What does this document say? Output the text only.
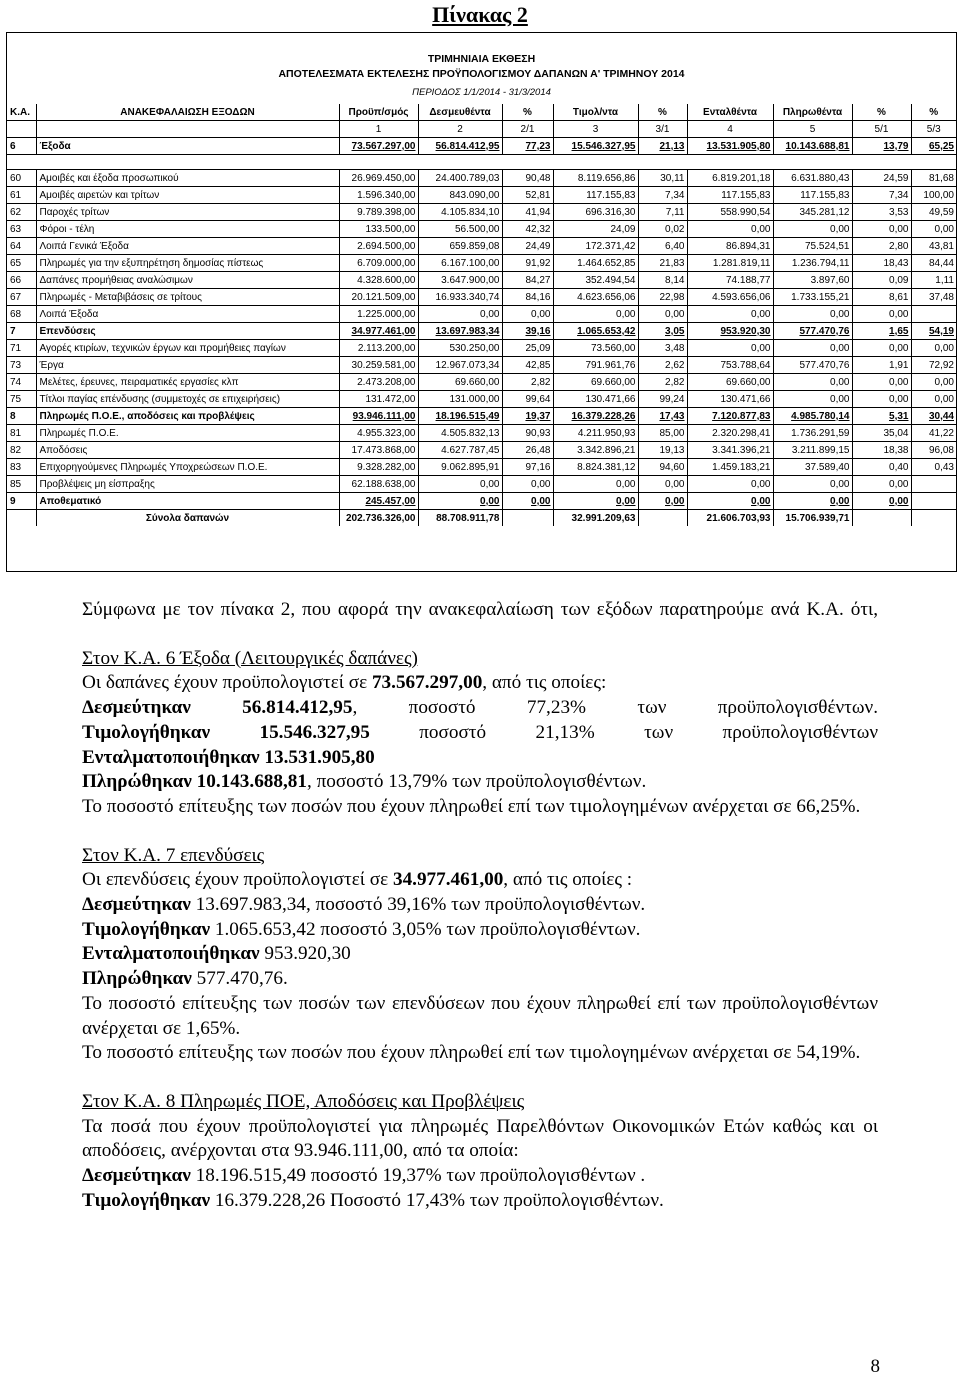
Πίνακας 2
ΤΡΙΜΗΝΙΑΙΑ ΕΚΘΕΣΗ
ΑΠΟΤΕΛΕΣΜΑΤΑ ΕΚΤΕΛΕΣΗΣ ΠΡΟΫΠΟΛΟΓΙΣΜΟΥ ΔΑΠΑΝΩΝ Α' ΤΡΙΜΗΝΟΥ 2014
ΠΕΡΙΟΔΟΣ 1/1/2014 - 31/3/2014
Κ.Α.	ΑΝΑΚΕΦΑΛΑΙΩΣΗ ΕΞΟΔΩΝ	Προϋπ/σμός	Δεσμευθέντα	%	Τιμολ/ντα	%	Ενταλθέντα	Πληρωθέντα	%	%
		1	2	2/1	3	3/1	4	5	5/1	5/3
6	Έξοδα	73.567.297,00	56.814.412,95	77,23	15.546.327,95	21,13	13.531.905,80	10.143.688,81	13,79	65,25

60	Αμοιβές και έξοδα προσωπικού	26.969.450,00	24.400.789,03	90,48	8.119.656,86	30,11	6.819.201,18	6.631.880,43	24,59	81,68
61	Αμοιβές αιρετών και τρίτων	1.596.340,00	843.090,00	52,81	117.155,83	7,34	117.155,83	117.155,83	7,34	100,00
62	Παροχές τρίτων	9.789.398,00	4.105.834,10	41,94	696.316,30	7,11	558.990,54	345.281,12	3,53	49,59
63	Φόροι - τέλη	133.500,00	56.500,00	42,32	24,09	0,02	0,00	0,00	0,00	0,00
64	Λοιπά Γενικά Έξοδα	2.694.500,00	659.859,08	24,49	172.371,42	6,40	86.894,31	75.524,51	2,80	43,81
65	Πληρωμές για την εξυπηρέτηση δημοσίας πίστεως	6.709.000,00	6.167.100,00	91,92	1.464.652,85	21,83	1.281.819,11	1.236.794,11	18,43	84,44
66	Δαπάνες προμήθειας αναλώσιμων	4.328.600,00	3.647.900,00	84,27	352.494,54	8,14	74.188,77	3.897,60	0,09	1,11
67	Πληρωμές - Μεταβιβάσεις σε τρίτους	20.121.509,00	16.933.340,74	84,16	4.623.656,06	22,98	4.593.656,06	1.733.155,21	8,61	37,48
68	Λοιπά Έξοδα	1.225.000,00	0,00	0,00	0,00	0,00	0,00	0,00	0,00	
7	Επενδύσεις	34.977.461,00	13.697.983,34	39,16	1.065.653,42	3,05	953.920,30	577.470,76	1,65	54,19
71	Αγορές κτιρίων, τεχνικών έργων και προμήθειες παγίων	2.113.200,00	530.250,00	25,09	73.560,00	3,48	0,00	0,00	0,00	0,00
73	Έργα	30.259.581,00	12.967.073,34	42,85	791.961,76	2,62	753.788,64	577.470,76	1,91	72,92
74	Μελέτες, έρευνες, πειραματικές εργασίες κλπ	2.473.208,00	69.660,00	2,82	69.660,00	2,82	69.660,00	0,00	0,00	0,00
75	Τίτλοι παγίας επένδυσης (συμμετοχές σε επιχειρήσεις)	131.472,00	131.000,00	99,64	130.471,66	99,24	130.471,66	0,00	0,00	0,00
8	Πληρωμές Π.Ο.Ε., αποδόσεις και προβλέψεις	93.946.111,00	18.196.515,49	19,37	16.379.228,26	17,43	7.120.877,83	4.985.780,14	5,31	30,44
81	Πληρωμές Π.Ο.Ε.	4.955.323,00	4.505.832,13	90,93	4.211.950,93	85,00	2.320.298,41	1.736.291,59	35,04	41,22
82	Αποδόσεις	17.473.868,00	4.627.787,45	26,48	3.342.896,21	19,13	3.341.396,21	3.211.899,15	18,38	96,08
83	Επιχορηγούμενες Πληρωμές Υποχρεώσεων Π.Ο.Ε.	9.328.282,00	9.062.895,91	97,16	8.824.381,12	94,60	1.459.183,21	37.589,40	0,40	0,43
85	Προβλέψεις μη είσπραξης	62.188.638,00	0,00	0,00	0,00	0,00	0,00	0,00	0,00	
9	Αποθεματικό	245.457,00	0,00	0,00	0,00	0,00	0,00	0,00	0,00	
	Σύνολα δαπανών	202.736.326,00	88.708.911,78		32.991.209,63		21.606.703,93	15.706.939,71		

Σύμφωνα με τον πίνακα 2, που αφορά την ανακεφαλαίωση των εξόδων παρατηρούμε ανά Κ.Α. ότι,

Στον Κ.Α. 6 Έξοδα (Λειτουργικές δαπάνες)

Οι δαπάνες έχουν προϋπολογιστεί σε 73.567.297,00, από τις οποίες:

Δεσμεύτηκαν 56.814.412,95, ποσοστό 77,23% των προϋπολογισθέντων.

Τιμολογήθηκαν 15.546.327,95 ποσοστό 21,13% των προϋπολογισθέντων

Ενταλματοποιήθηκαν 13.531.905,80

Πληρώθηκαν 10.143.688,81, ποσοστό 13,79% των προϋπολογισθέντων.

Το ποσοστό επίτευξης των ποσών που έχουν πληρωθεί επί των τιμολογημένων ανέρχεται σε 66,25%.

Στον Κ.Α. 7 επενδύσεις

Οι επενδύσεις έχουν προϋπολογιστεί σε 34.977.461,00, από τις οποίες :

Δεσμεύτηκαν 13.697.983,34, ποσοστό 39,16% των προϋπολογισθέντων.

Τιμολογήθηκαν 1.065.653,42 ποσοστό 3,05% των προϋπολογισθέντων.

Ενταλματοποιήθηκαν 953.920,30

Πληρώθηκαν 577.470,76.

Το ποσοστό επίτευξης των ποσών των επενδύσεων που έχουν πληρωθεί επί των προϋπολογισθέντων ανέρχεται σε 1,65%.

Το ποσοστό επίτευξης των ποσών που έχουν πληρωθεί επί των τιμολογημένων ανέρχεται σε 54,19%.

Στον Κ.Α. 8 Πληρωμές ΠΟΕ, Αποδόσεις και Προβλέψεις

Τα ποσά που έχουν προϋπολογιστεί για πληρωμές Παρελθόντων Οικονομικών Ετών καθώς και οι αποδόσεις, ανέρχονται στα 93.946.111,00, από τα οποία:

Δεσμεύτηκαν 18.196.515,49 ποσοστό 19,37% των προϋπολογισθέντων .

Τιμολογήθηκαν 16.379.228,26 Ποσοστό 17,43% των προϋπολογισθέντων.

8
